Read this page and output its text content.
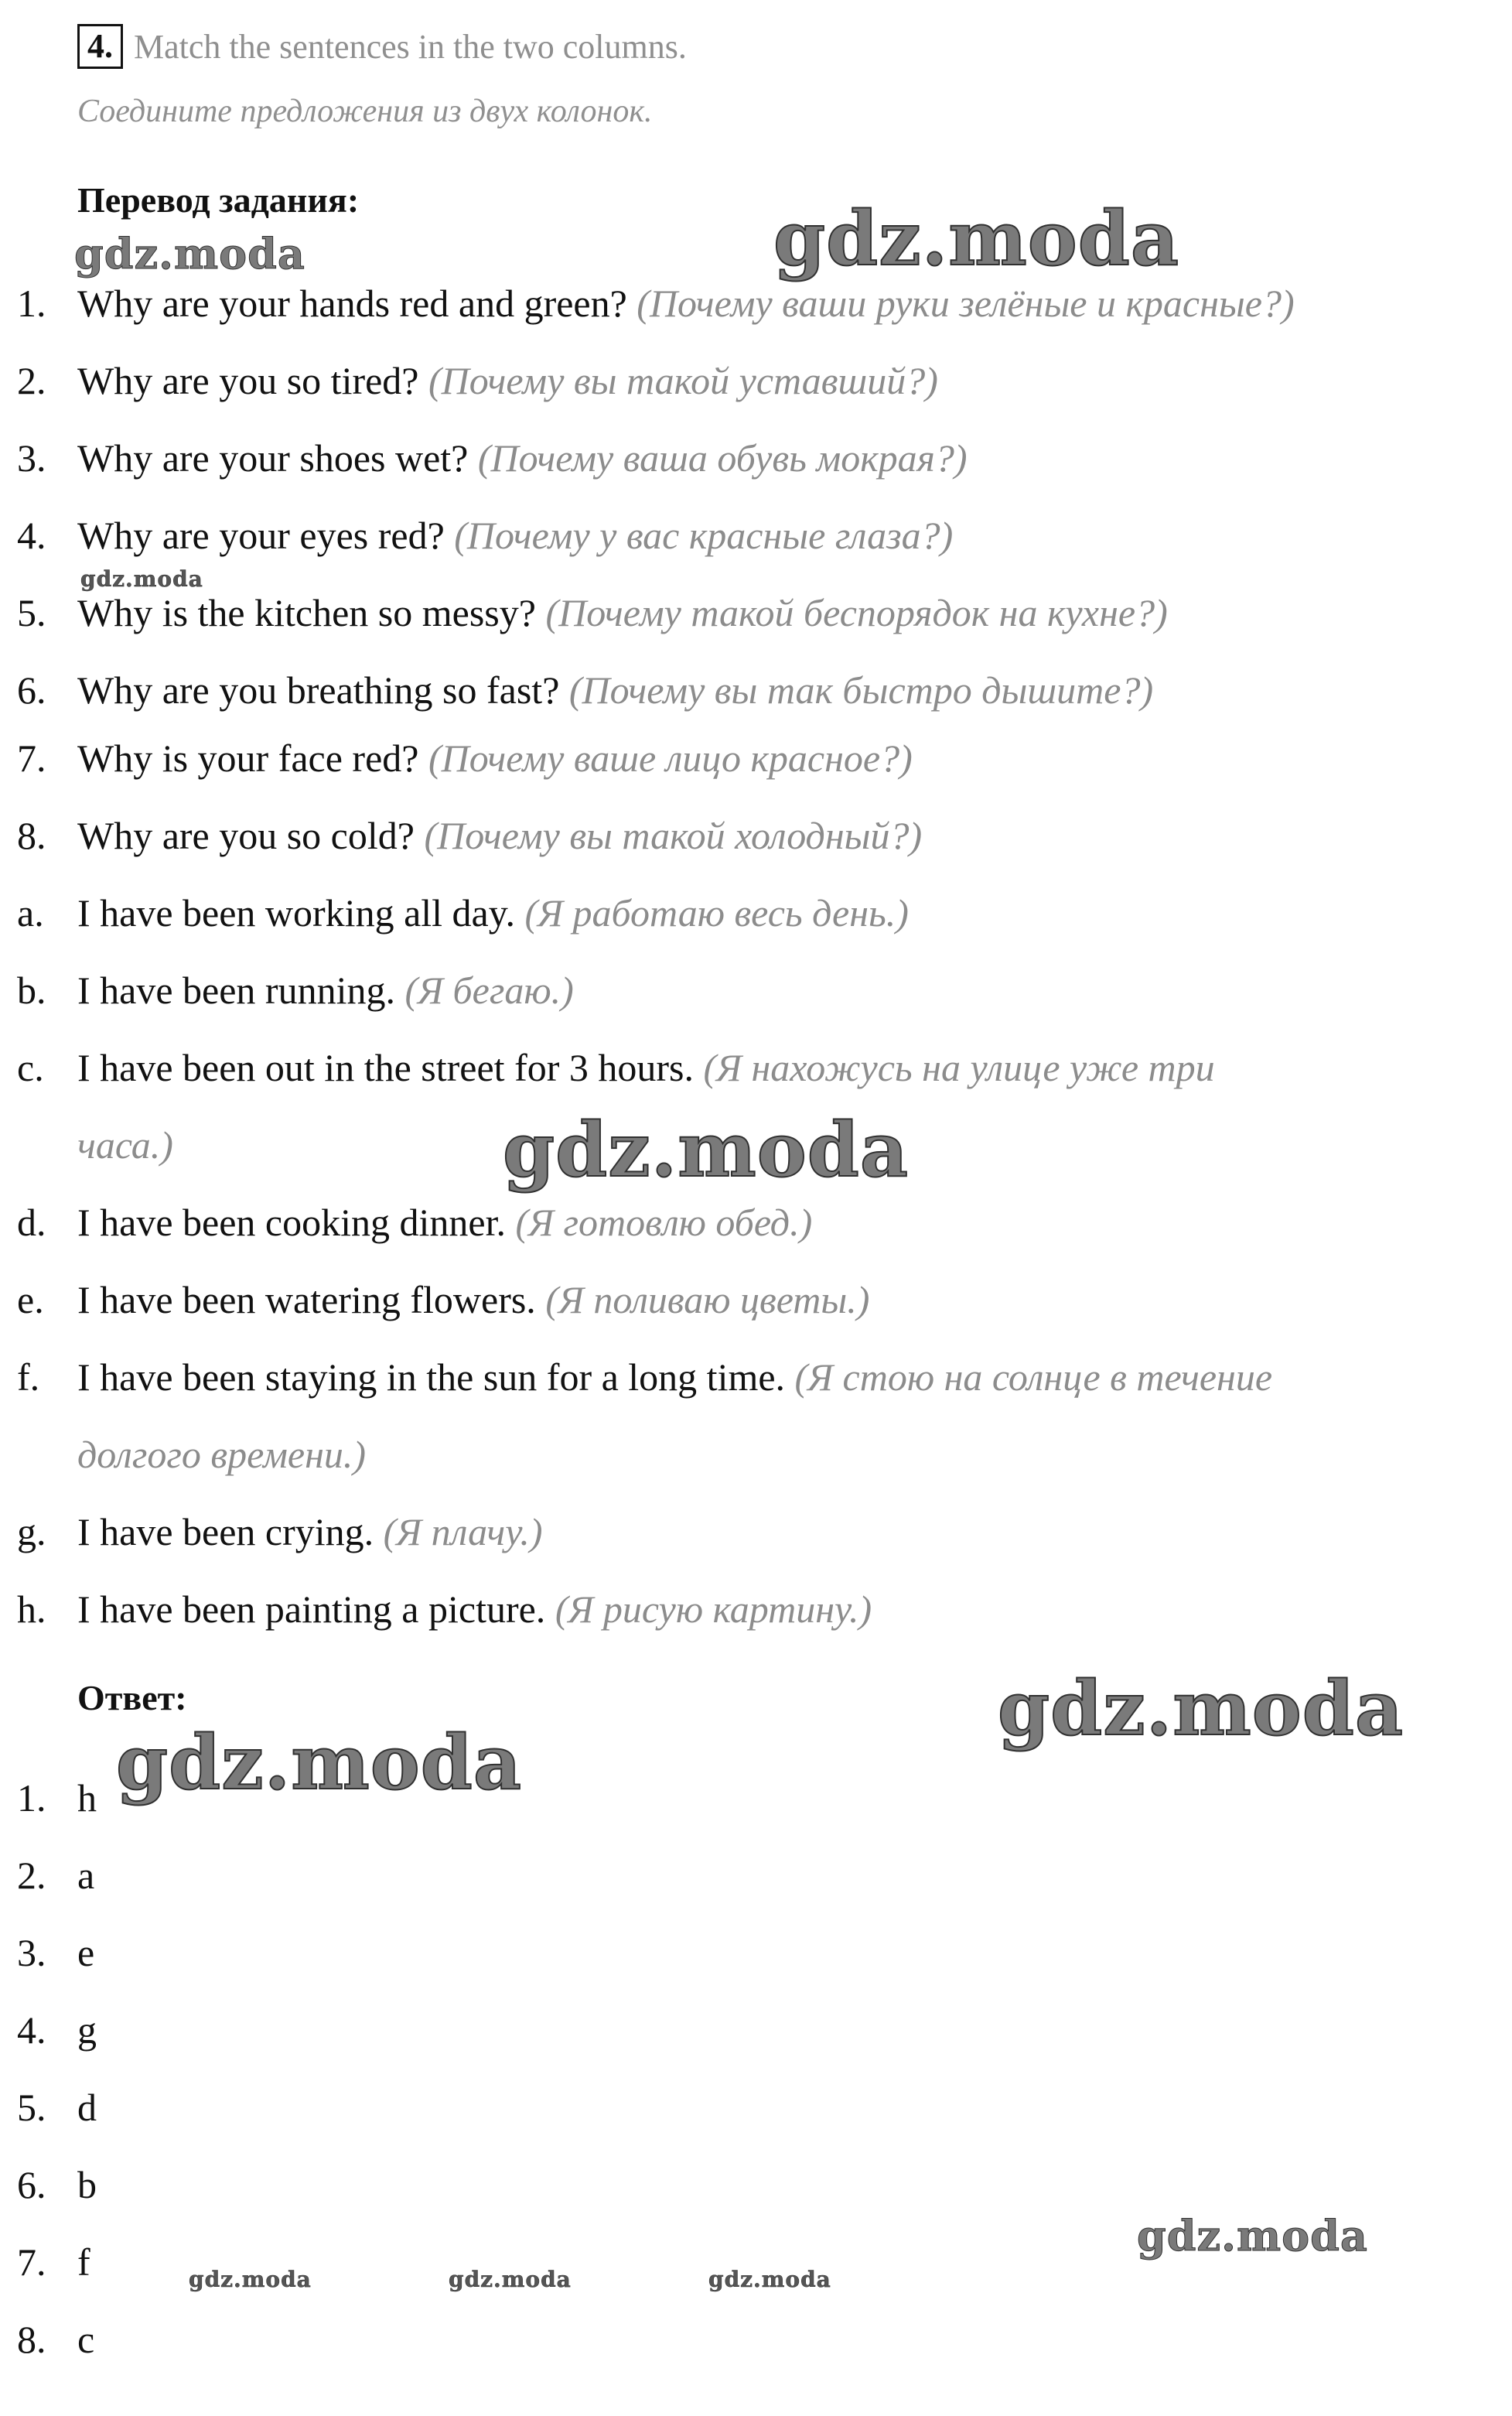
4. Match the sentences in the two columns.
Соедините предложения из двух колонок.
Перевод задания:
1. Why are your hands red and green? (Почему ваши руки зелёные и красные?)
2. Why are you so tired? (Почему вы такой уставший?)
3. Why are your shoes wet? (Почему ваша обувь мокрая?)
4. Why are your eyes red? (Почему у вас красные глаза?)
5. Why is the kitchen so messy? (Почему такой беспорядок на кухне?)
6. Why are you breathing so fast? (Почему вы так быстро дышите?)
7. Why is your face red? (Почему ваше лицо красное?)
8. Why are you so cold? (Почему вы такой холодный?)
a. I have been working all day. (Я работаю весь день.)
b. I have been running. (Я бегаю.)
c. I have been out in the street for 3 hours. (Я нахожусь на улице уже три
часа.)
d. I have been cooking dinner. (Я готовлю обед.)
e. I have been watering flowers. (Я поливаю цветы.)
f. I have been staying in the sun for a long time. (Я стою на солнце в течение
долгого времени.)
g. I have been crying. (Я плачу.)
h. I have been painting a picture. (Я рисую картину.)
Ответ:
1. h
2. a
3. e
4. g
5. d
6. b
7. f
8. c
gdz.moda
gdz.moda
gdz.moda
gdz.moda
gdz.moda
gdz.moda
gdz.moda
gdz.moda	gdz.moda	gdz.moda
